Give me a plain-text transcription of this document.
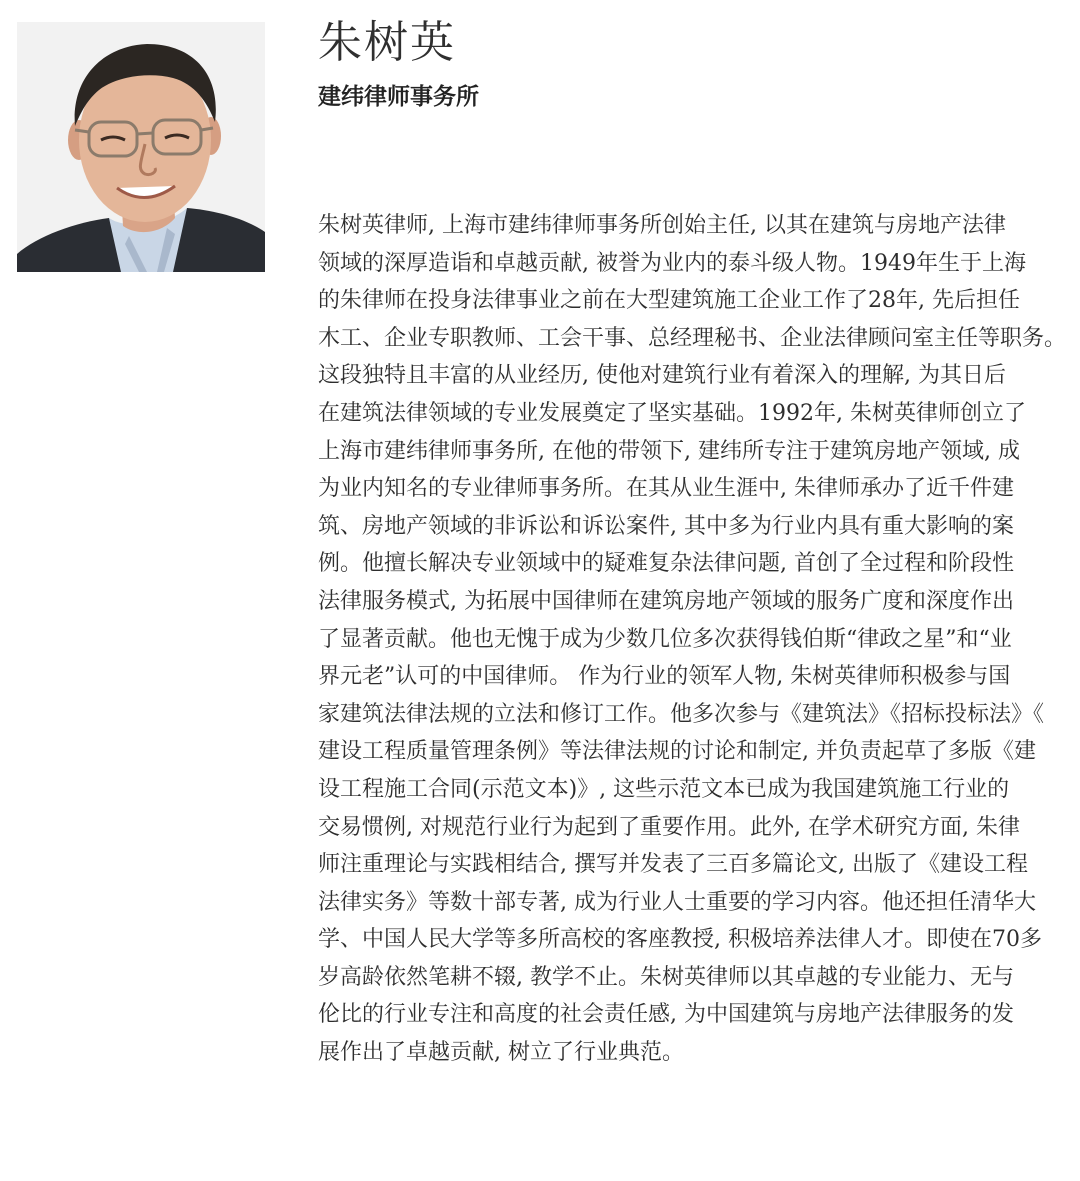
朱树英
建纬律师事务所
朱树英律师, 上海市建纬律师事务所创始主任, 以其在建筑与房地产法律
领域的深厚造诣和卓越贡献, 被誉为业内的泰斗级人物。1949年生于上海
的朱律师在投身法律事业之前在大型建筑施工企业工作了28年, 先后担任
木工、企业专职教师、工会干事、总经理秘书、企业法律顾问室主任等职务。
这段独特且丰富的从业经历, 使他对建筑行业有着深入的理解, 为其日后
在建筑法律领域的专业发展奠定了坚实基础。1992年, 朱树英律师创立了
上海市建纬律师事务所, 在他的带领下, 建纬所专注于建筑房地产领域, 成
为业内知名的专业律师事务所。在其从业生涯中, 朱律师承办了近千件建
筑、房地产领域的非诉讼和诉讼案件, 其中多为行业内具有重大影响的案
例。他擅长解决专业领域中的疑难复杂法律问题, 首创了全过程和阶段性
法律服务模式, 为拓展中国律师在建筑房地产领域的服务广度和深度作出
了显著贡献。他也无愧于成为少数几位多次获得钱伯斯“律政之星”和“业
界元老”认可的中国律师。 作为行业的领军人物, 朱树英律师积极参与国
家建筑法律法规的立法和修订工作。他多次参与《建筑法》《招标投标法》《
建设工程质量管理条例》等法律法规的讨论和制定, 并负责起草了多版《建
设工程施工合同(示范文本)》, 这些示范文本已成为我国建筑施工行业的
交易惯例, 对规范行业行为起到了重要作用。此外, 在学术研究方面, 朱律
师注重理论与实践相结合, 撰写并发表了三百多篇论文, 出版了《建设工程
法律实务》等数十部专著, 成为行业人士重要的学习内容。他还担任清华大
学、中国人民大学等多所高校的客座教授, 积极培养法律人才。即使在70多
岁高龄依然笔耕不辍, 教学不止。朱树英律师以其卓越的专业能力、无与
伦比的行业专注和高度的社会责任感, 为中国建筑与房地产法律服务的发
展作出了卓越贡献, 树立了行业典范。
